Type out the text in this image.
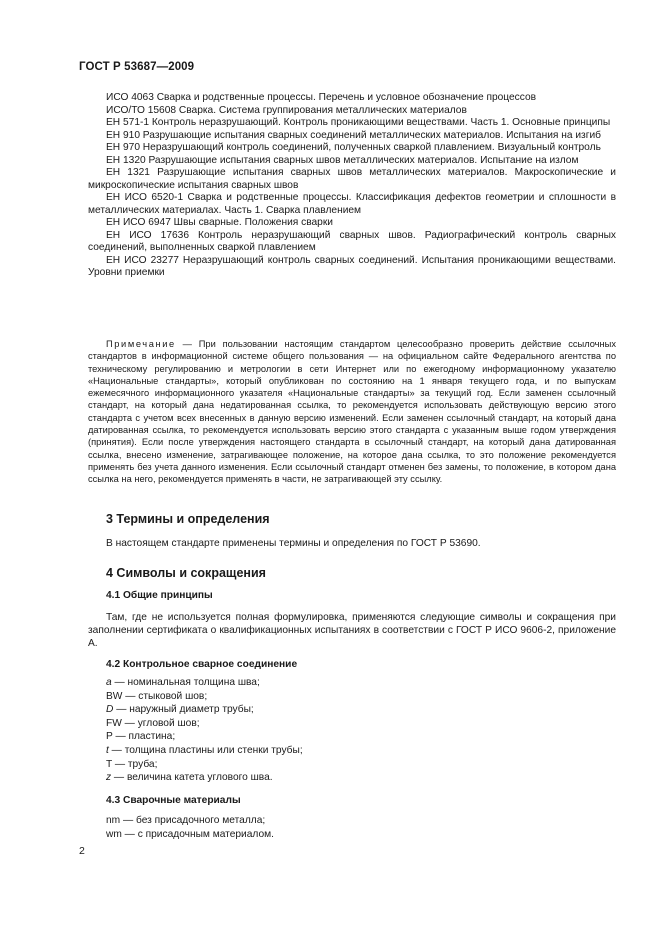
ГОСТ Р 53687—2009

ИСО 4063 Сварка и родственные процессы. Перечень и условное обозначение процессов

ИСО/ТО 15608 Сварка. Система группирования металлических материалов

ЕН 571-1 Контроль неразрушающий. Контроль проникающими веществами. Часть 1. Основные принципы

ЕН 910 Разрушающие испытания сварных соединений металлических материалов. Испытания на изгиб

ЕН 970 Неразрушающий контроль соединений, полученных сваркой плавлением. Визуальный контроль

ЕН 1320 Разрушающие испытания сварных швов металлических материалов. Испытание на излом

ЕН 1321 Разрушающие испытания сварных швов металлических материалов. Макроскопические и микроскопические испытания сварных швов

ЕН ИСО 6520-1 Сварка и родственные процессы. Классификация дефектов геометрии и сплошности в металлических материалах. Часть 1. Сварка плавлением

ЕН ИСО 6947 Швы сварные. Положения сварки

ЕН ИСО 17636 Контроль неразрушающий сварных швов. Радиографический контроль сварных соединений, выполненных сваркой плавлением

ЕН ИСО 23277 Неразрушающий контроль сварных соединений. Испытания проникающими веществами. Уровни приемки

Примечание — При пользовании настоящим стандартом целесообразно проверить действие ссылочных стандартов в информационной системе общего пользования — на официальном сайте Федерального агентства по техническому регулированию и метрологии в сети Интернет или по ежегодному информационному указателю «Национальные стандарты», который опубликован по состоянию на 1 января текущего года, и по выпускам ежемесячного информационного указателя «Национальные стандарты» за текущий год. Если заменен ссылочный стандарт, на который дана недатированная ссылка, то рекомендуется использовать действующую версию этого стандарта с учетом всех внесенных в данную версию изменений. Если заменен ссылочный стандарт, на который дана датированная ссылка, то рекомендуется использовать версию этого стандарта с указанным выше годом утверждения (принятия). Если после утверждения настоящего стандарта в ссылочный стандарт, на который дана датированная ссылка, внесено изменение, затрагивающее положение, на которое дана ссылка, то это положение рекомендуется применять без учета данного изменения. Если ссылочный стандарт отменен без замены, то положение, в котором дана ссылка на него, рекомендуется применять в части, не затрагивающей эту ссылку.

3 Термины и определения

В настоящем стандарте применены термины и определения по ГОСТ Р 53690.

4 Символы и сокращения
4.1 Общие принципы

Там, где не используется полная формулировка, применяются следующие символы и сокращения при заполнении сертификата о квалификационных испытаниях в соответствии с ГОСТ Р ИСО 9606-2, приложение А.

4.2 Контрольное сварное соединение
a — номинальная толщина шва;
BW — стыковой шов;
D — наружный диаметр трубы;
FW — угловой шов;
P — пластина;
t — толщина пластины или стенки трубы;
T — труба;
z — величина катета углового шва.
4.3 Сварочные материалы
nm — без присадочного металла;
wm — с присадочным материалом.
2
